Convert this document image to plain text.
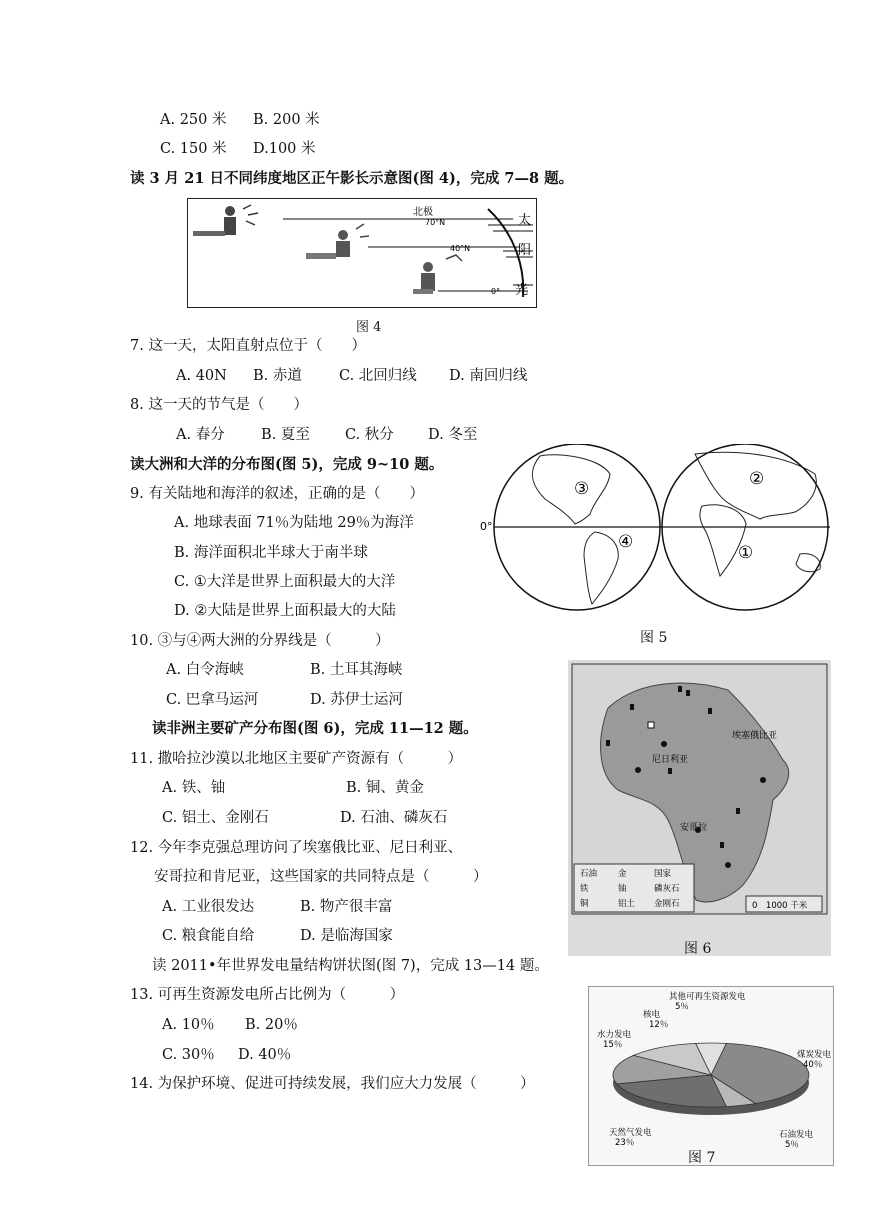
A. 250 米 B. 200 米
C. 150 米 D.100 米
读 3 月 21 日不同纬度地区正午影长示意图(图 4)，完成 7—8 题。
北极
70°N
40°N
0°
太
阳
光
图 4
7. 这一天，太阳直射点位于（　　）
A. 40N B. 赤道	C. 北回归线 D. 南回归线
8. 这一天的节气是（　　）
A. 春分	B. 夏至 C. 秋分 D. 冬至
读大洲和大洋的分布图(图 5)，完成 9~10 题。
0°
③
④
②
①
图 5
9. 有关陆地和海洋的叙述，正确的是（　　）
A. 地球表面 71％为陆地 29％为海洋
B. 海洋面积北半球大于南半球
C. ①大洋是世界上面积最大的大洋
D. ②大陆是世界上面积最大的大陆
10. ③与④两大洲的分界线是（　　　）
A. 白令海峡	B. 土耳其海峡
C. 巴拿马运河	D. 苏伊士运河
读非洲主要矿产分布图(图 6)，完成 11—12 题。
尼日利亚
埃塞俄比亚
安哥拉
石油 金	国家
铁	铀	磷灰石
铜	铝土 金刚石	0　1000 千米
图 6
11. 撒哈拉沙漠以北地区主要矿产资源有（　　　）
A. 铁、铀	B. 铜、黄金
C. 铝土、金刚石	D. 石油、磷灰石
12. 今年李克强总理访问了埃塞俄比亚、尼日利亚、
安哥拉和肯尼亚，这些国家的共同特点是（　　　）
A. 工业很发达	B. 物产很丰富
C. 粮食能自给	D. 是临海国家
读 2011•年世界发电量结构饼状图(图 7)，完成 13—14 题。
13. 可再生资源发电所占比例为（　　　）
A. 10％ B. 20％
C. 30％ D. 40％
14. 为保护环境、促进可持续发展，我们应大力发展（　　　）
煤炭发电
40％
石油发电
5％
天然气发电
23％
水力发电
15％
核电
12％
其他可再生资源发电
5％
图 7
